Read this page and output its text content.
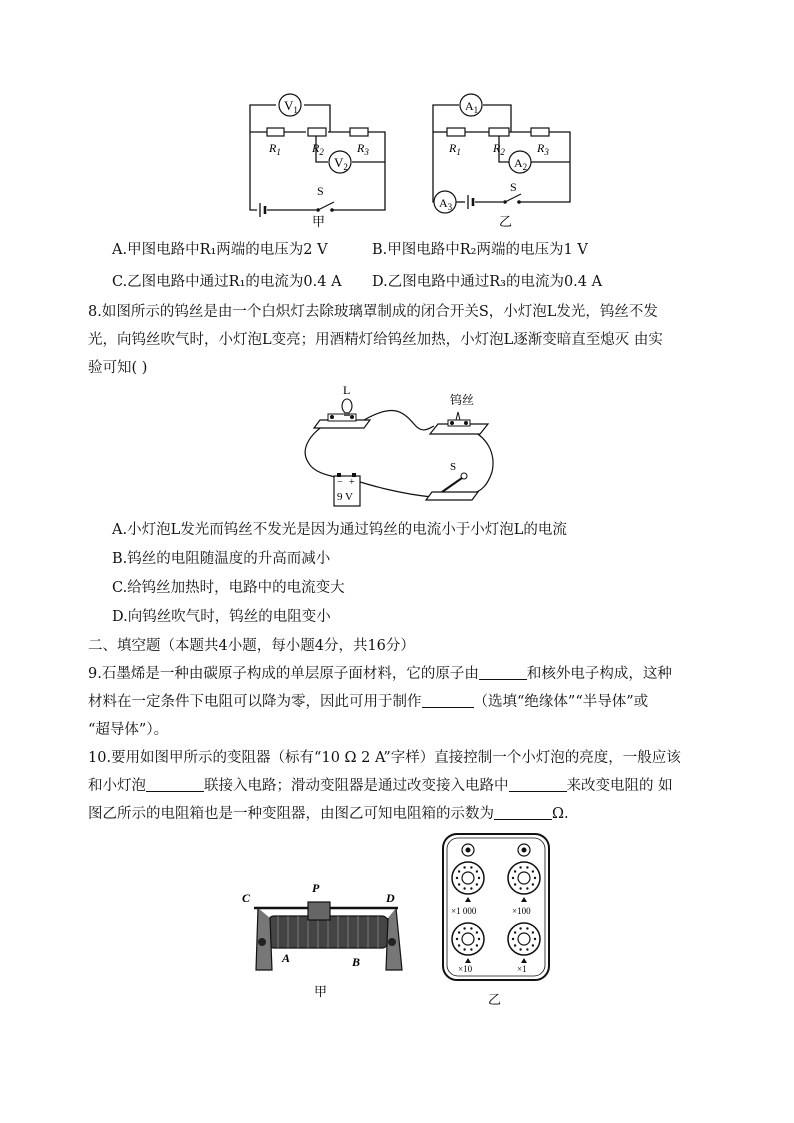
$V_1$
$V_2$
$R_1$	$R_2$	$R_3$
S
甲
$A_1$
$A_2$
$A_3$
$R_1$	$R_2$	$R_3$
S
乙
A.甲图电路中R₁两端的电压为2 V	B.甲图电路中R₂两端的电压为1 V
C.乙图电路中通过R₁的电流为0.4 A D.乙图电路中通过R₃的电流为0.4 A
8.如图所示的钨丝是由一个白炽灯去除玻璃罩制成的闭合开关S，小灯泡L发光，钨丝不发
光，向钨丝吹气时，小灯泡L变亮；用酒精灯给钨丝加热，小灯泡L逐渐变暗直至熄灭 由实
验可知( )
L
钨丝
− +
9 V
S
A.小灯泡L发光而钨丝不发光是因为通过钨丝的电流小于小灯泡L的电流
B.钨丝的电阻随温度的升高而减小
C.给钨丝加热时，电路中的电流变大
D.向钨丝吹气时，钨丝的电阻变小
二、填空题（本题共4小题，每小题4分，共16分）
9.石墨烯是一种由碳原子构成的单层原子面材料，它的原子由	和核外电子构成，这种
材料在一定条件下电阻可以降为零，因此可用于制作	（选填“绝缘体”“半导体”或
“超导体”）。
10.要用如图甲所示的变阻器（标有“10 Ω 2 A”字样）直接控制一个小灯泡的亮度，一般应该
和小灯泡	联接入电路；滑动变阻器是通过改变接入电路中	来改变电阻的 如
图乙所示的电阻箱也是一种变阻器，由图乙可知电阻箱的示数为	Ω.
C
P
D
A	B
甲
×1 000	×100
×10	×1
乙
